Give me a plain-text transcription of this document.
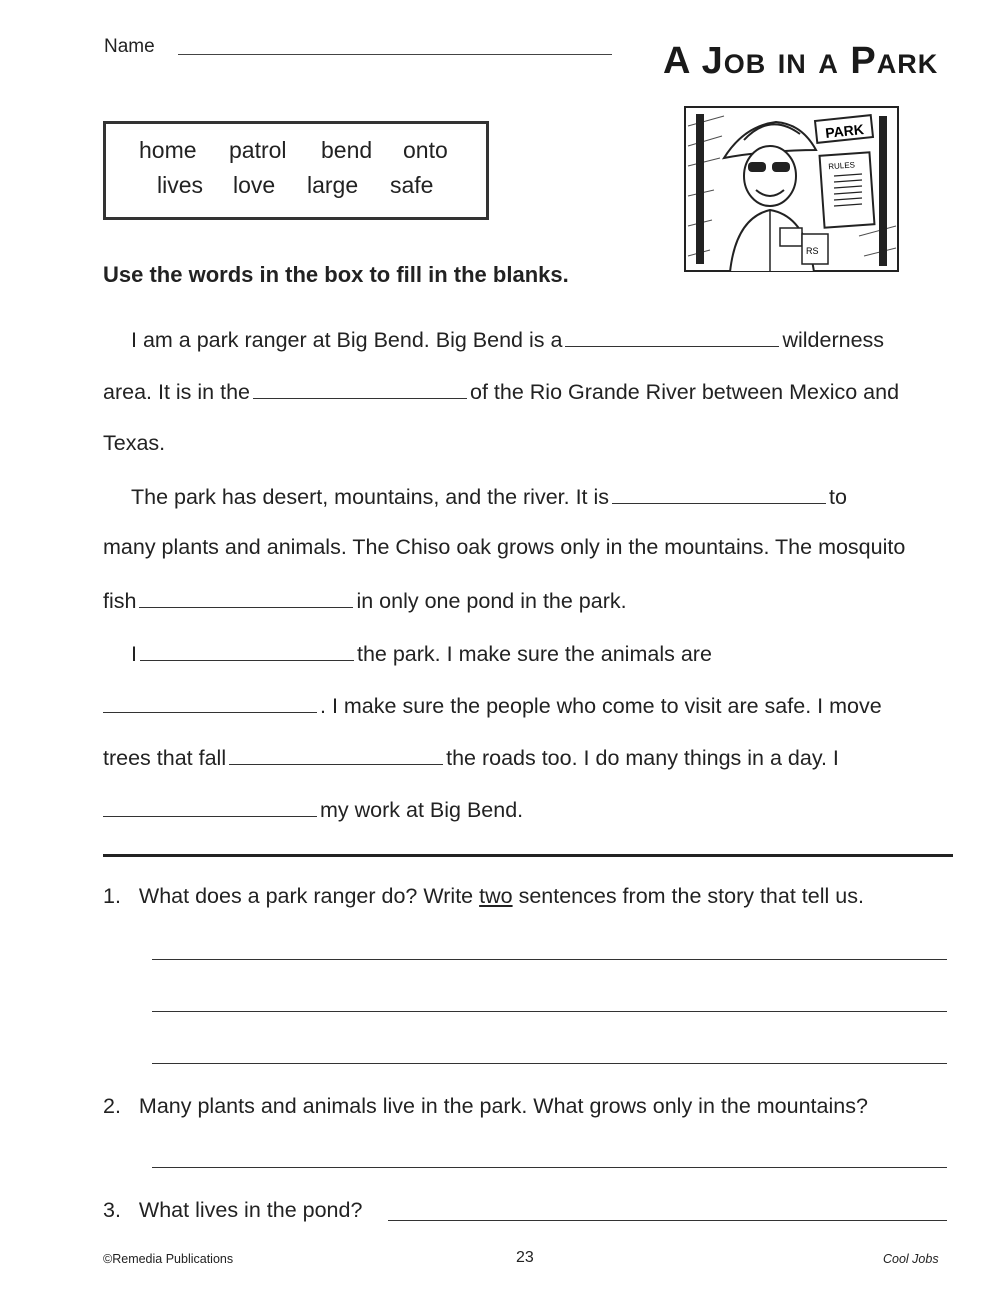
Name	A Job in a Park
home patrol bend onto
lives love large safe
PARK
RULES
RS
Use the words in the box to fill in the blanks.
I am a park ranger at Big Bend. Big Bend is a	wilderness
area. It is in the	of the Rio Grande River between Mexico and
Texas.
The park has desert, mountains, and the river. It is	to
many plants and animals. The Chiso oak grows only in the mountains. The mosquito
fish	in only one pond in the park.
I	the park. I make sure the animals are
. I make sure the people who come to visit are safe. I move
trees that fall	the roads too. I do many things in a day. I
my work at Big Bend.
1. What does a park ranger do? Write two sentences from the story that tell us.
2. Many plants and animals live in the park. What grows only in the mountains?
3. What lives in the pond?
©Remedia Publications	23	Cool Jobs
